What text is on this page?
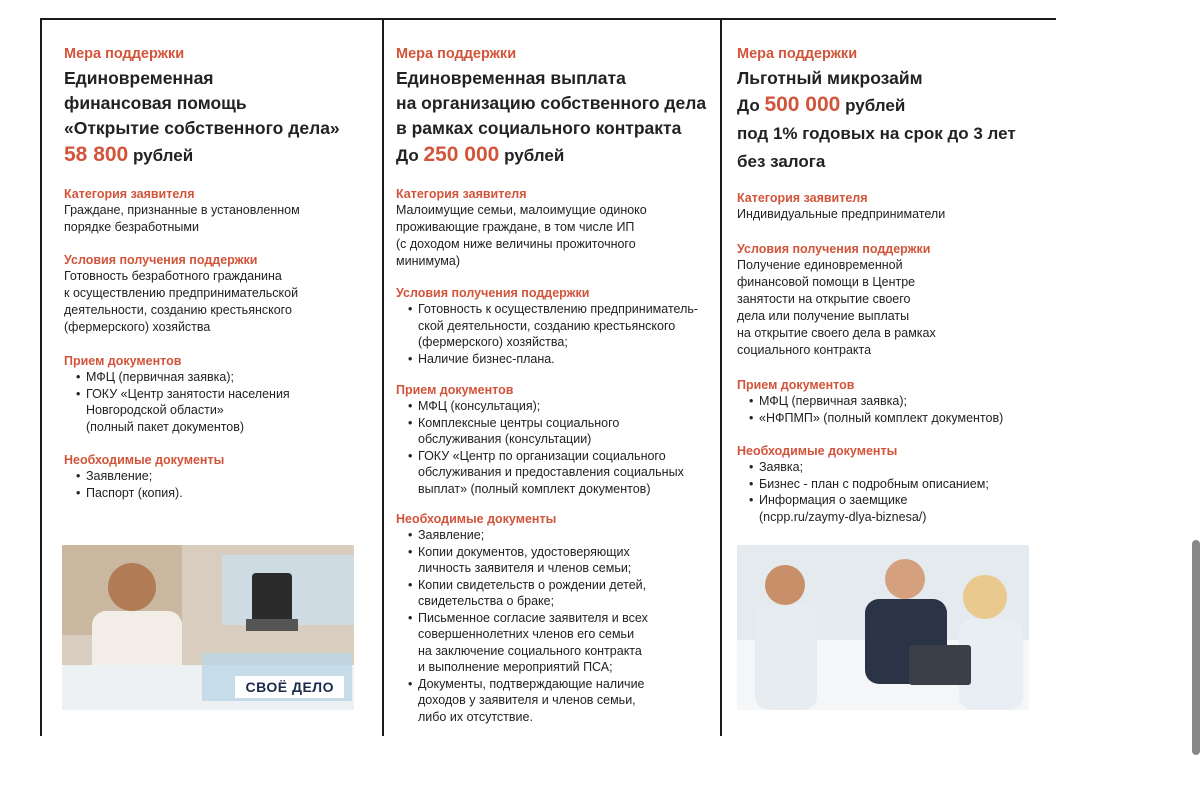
Мера поддержки
Единовременная
финансовая помощь
«Открытие собственного дела»
58 800 рублей
Категория заявителя
Граждане, признанные в установленном
порядке безработными
Условия получения поддержки
Готовность безработного гражданина
к осуществлению предпринимательской
деятельности, созданию крестьянского
(фермерского) хозяйства
Прием документов
• МФЦ (первичная заявка);
• ГОКУ «Центр занятости населения
Новгородской области»
(полный пакет документов)
Необходимые документы
• Заявление;
• Паспорт (копия).
СВОЁ ДЕЛО
Мера поддержки
Единовременная выплата
на организацию собственного дела
в рамках социального контракта
До 250 000 рублей
Категория заявителя
Малоимущие семьи, малоимущие одиноко
проживающие граждане, в том числе ИП
(с доходом ниже величины прожиточного
минимума)
Условия получения поддержки
• Готовность к осуществлению предприниматель-
ской деятельности, созданию крестьянского
(фермерского) хозяйства;
• Наличие бизнес-плана.
Прием документов
• МФЦ (консультация);
• Комплексные центры социального
обслуживания (консультации)
• ГОКУ «Центр по организации социального
обслуживания и предоставления социальных
выплат» (полный комплект документов)
Необходимые документы
• Заявление;
• Копии документов, удостоверяющих
личность заявителя и членов семьи;
• Копии свидетельств о рождении детей,
свидетельства о браке;
• Письменное согласие заявителя и всех
совершеннолетних членов его семьи
на заключение социального контракта
и выполнение мероприятий ПСА;
• Документы, подтверждающие наличие
доходов у заявителя и членов семьи,
либо их отсутствие.
Мера поддержки
Льготный микрозайм
До 500 000 рублей
под 1% годовых на срок до 3 лет
без залога
Категория заявителя
Индивидуальные предприниматели
Условия получения поддержки
Получение единовременной
финансовой помощи в Центре
занятости на открытие своего
дела или получение выплаты
на открытие своего дела в рамках
социального контракта
Прием документов
• МФЦ (первичная заявка);
• «НФПМП» (полный комплект документов)
Необходимые документы
• Заявка;
• Бизнес - план с подробным описанием;
• Информация о заемщике
(ncpp.ru/zaymy-dlya-biznesa/)
